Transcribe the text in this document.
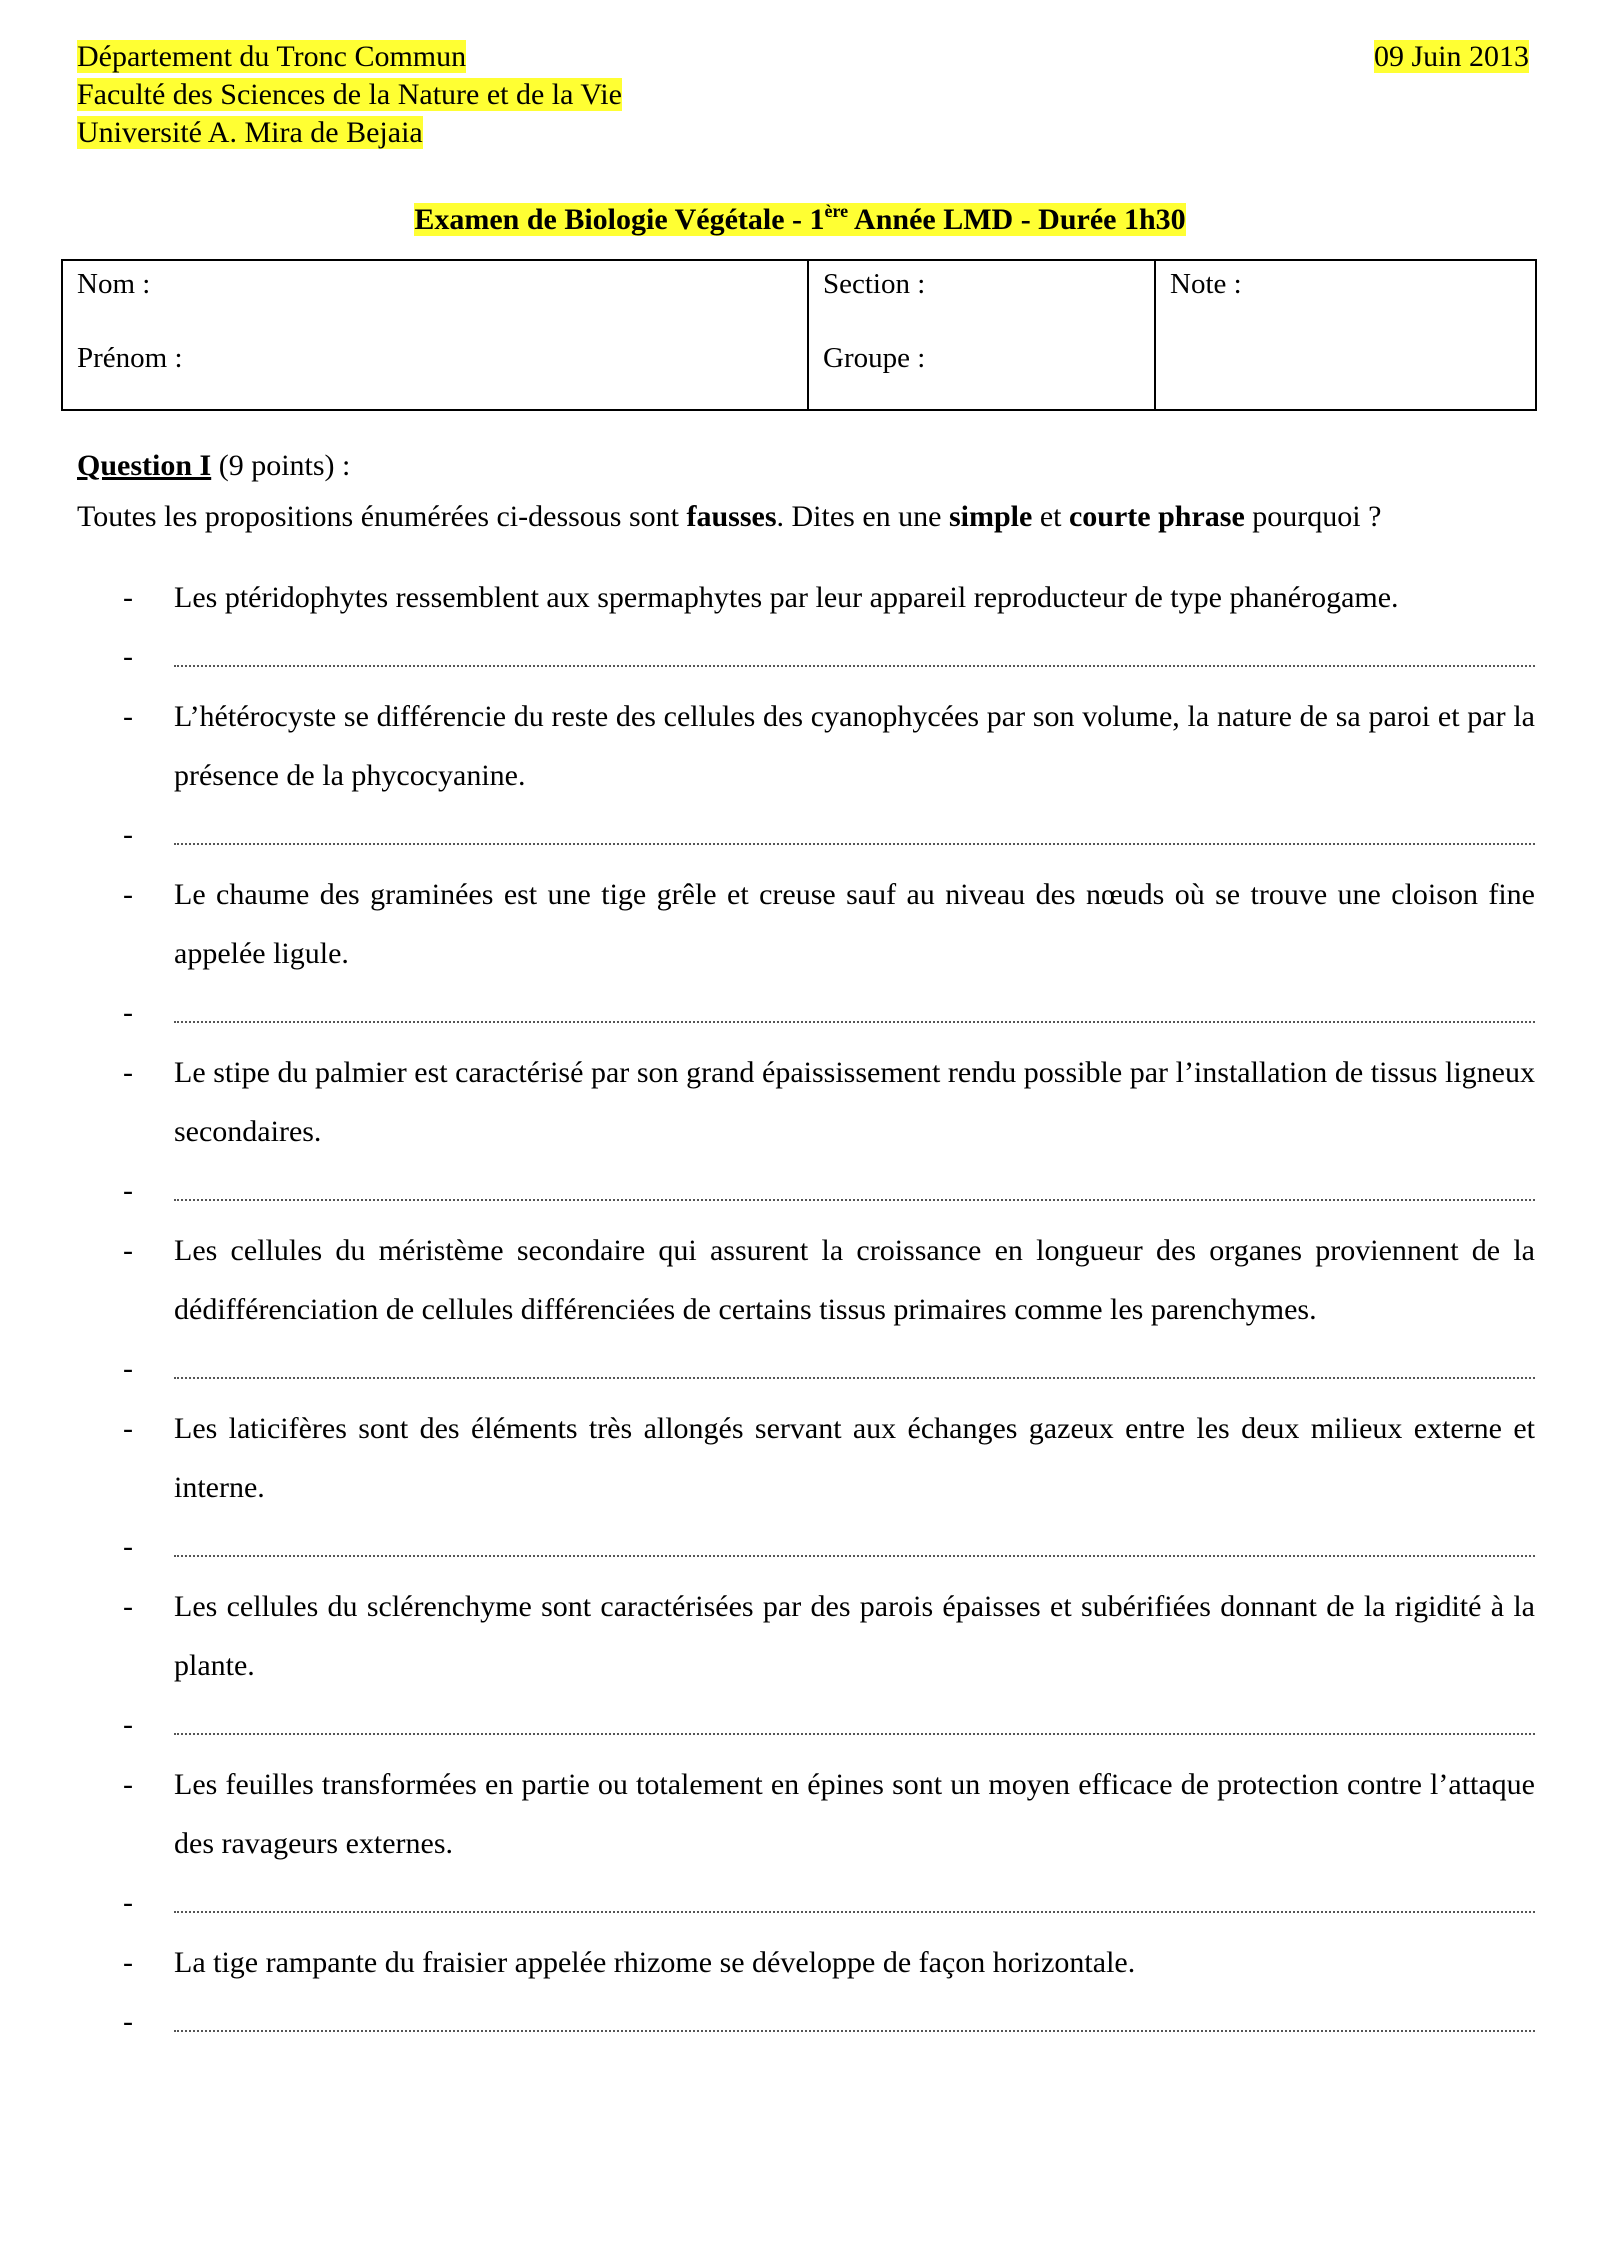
Département du Tronc Commun
Faculté des Sciences de la Nature et de la Vie
Université A. Mira de Bejaia
09 Juin 2013
Examen de Biologie Végétale - 1ère Année LMD - Durée 1h30
Nom :
Prénom :

Section :
Groupe :

Note :
Question I (9 points) :
Toutes les propositions énumérées ci-dessous sont fausses. Dites en une simple et courte phrase pourquoi ?
- Les ptéridophytes ressemblent aux spermaphytes par leur appareil reproducteur de type phanérogame.
-
- L’hétérocyste se différencie du reste des cellules des cyanophycées par son volume, la nature de sa paroi et par la présence de la phycocyanine.
-
- Le chaume des graminées est une tige grêle et creuse sauf au niveau des nœuds où se trouve une cloison fine appelée ligule.
-
- Le stipe du palmier est caractérisé par son grand épaississement rendu possible par l’installation de tissus ligneux secondaires.
-
- Les cellules du méristème secondaire qui assurent la croissance en longueur des organes proviennent de la dédifférenciation de cellules différenciées de certains tissus primaires comme les parenchymes.
-
- Les laticifères sont des éléments très allongés servant aux échanges gazeux entre les deux milieux externe et interne.
-
- Les cellules du sclérenchyme sont caractérisées par des parois épaisses et subérifiées donnant de la rigidité à la plante.
-
- Les feuilles transformées en partie ou totalement en épines sont un moyen efficace de protection contre l’attaque des ravageurs externes.
-
- La tige rampante du fraisier appelée rhizome se développe de façon horizontale.
-
